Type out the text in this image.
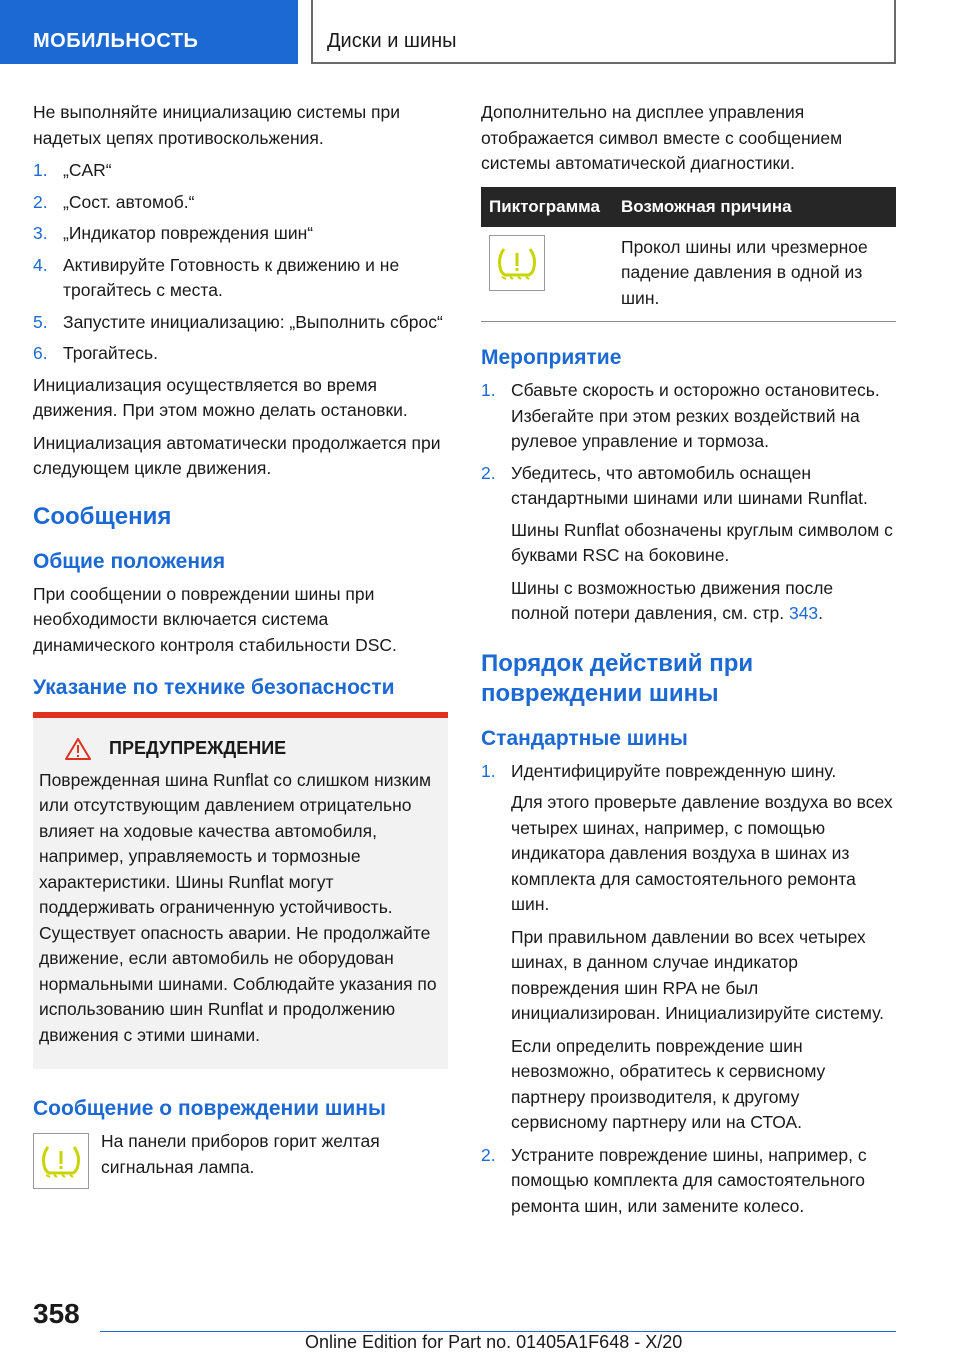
МОБИЛЬНОСТЬ	Диски и шины

Не выполняйте инициализацию системы при надетых цепях противоскольжения.

1. „CAR“
2. „Сост. автомоб.“
3. „Индикатор повреждения шин“
4. Активируйте Готовность к движению и не трогайтесь с места.
5. Запустите инициализацию: „Выполнить сброс“
6. Трогайтесь.

Инициализация осуществляется во время движения. При этом можно делать остановки.

Инициализация автоматически продолжается при следующем цикле движения.

Сообщения
Общие положения

При сообщении о повреждении шины при необходимости включается система динамического контроля стабильности DSC.

Указание по технике безопасности
ПРЕДУПРЕЖДЕНИЕ

Поврежденная шина Runflat со слишком низким или отсутствующим давлением отрицательно влияет на ходовые качества автомобиля, например, управляемость и тормозные характеристики. Шины Runflat могут поддерживать ограниченную устойчивость. Существует опасность аварии. Не продолжайте движение, если автомобиль не оборудован нормальными шинами. Соблюдайте указания по использованию шин Runflat и продолжению движения с этими шинами.

Сообщение о повреждении шины

На панели приборов горит желтая сигнальная лампа.

Дополнительно на дисплее управления отображается символ вместе с сообщением системы автоматической диагностики.

Пиктограмма	Возможная причина

	Прокол шины или чрезмерное падение давления в одной из шин.
Мероприятие
1. Сбавьте скорость и осторожно остановитесь. Избегайте при этом резких воздействий на рулевое управление и тормоза.
2. Убедитесь, что автомобиль оснащен стандартными шинами или шинами Runflat.

Шины Runflat обозначены круглым символом с буквами RSC на боковине.

Шины с возможностью движения после полной потери давления, см. стр. 343.

Порядок действий при повреждении шины
Стандартные шины
1. Идентифицируйте поврежденную шину.

Для этого проверьте давление воздуха во всех четырех шинах, например, с помощью индикатора давления воздуха в шинах из комплекта для самостоятельного ремонта шин.

При правильном давлении во всех четырех шинах, в данном случае индикатор повреждения шин RPA не был инициализирован. Инициализируйте систему.

Если определить повреждение шин невозможно, обратитесь к сервисному партнеру производителя, к другому сервисному партнеру или на СТОА.

2. Устраните повреждение шины, например, с помощью комплекта для самостоятельного ремонта шин, или замените колесо.
358
Online Edition for Part no. 01405A1F648 - X/20
